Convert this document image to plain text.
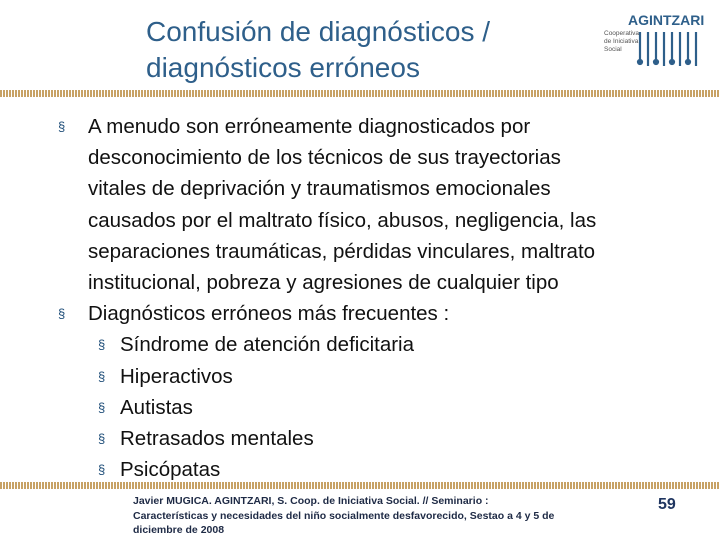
Confusión de diagnósticos /
diagnósticos erróneos
AGINTZARI
Cooperativa
de Iniciativa
Social
§ A menudo son erróneamente diagnosticados por
desconocimiento de los técnicos de sus trayectorias
vitales de deprivación y traumatismos emocionales
causados por el maltrato físico, abusos, negligencia, las
separaciones traumáticas, pérdidas vinculares, maltrato
institucional, pobreza y agresiones de cualquier tipo
§ Diagnósticos erróneos más frecuentes :
§ Síndrome de atención deficitaria
§ Hiperactivos
§ Autistas
§ Retrasados mentales
§ Psicópatas
Javier MUGICA. AGINTZARI, S. Coop. de Iniciativa Social. // Seminario :
Características y necesidades del niño socialmente desfavorecido, Sestao a 4 y 5 de
diciembre de 2008
59
